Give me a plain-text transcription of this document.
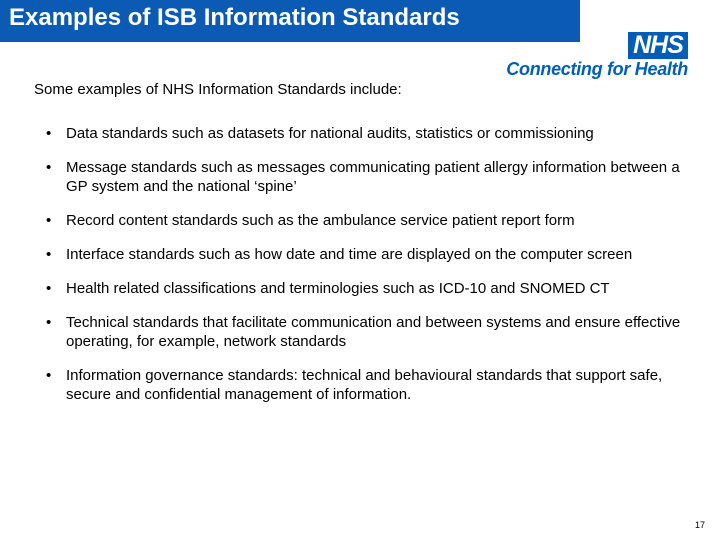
Examples of ISB Information Standards
NHS
Connecting for Health
Some examples of NHS Information Standards include:
• Data standards such as datasets for national audits, statistics or commissioning
• Message standards such as messages communicating patient allergy information between a GP system and the national ‘spine’
• Record content standards such as the ambulance service patient report form
• Interface standards such as how date and time are displayed on the computer screen
• Health related classifications and terminologies such as ICD-10 and SNOMED CT
• Technical standards that facilitate communication and between systems and ensure effective operating, for example, network standards
• Information governance standards: technical and behavioural standards that support safe, secure and confidential management of information.
17
